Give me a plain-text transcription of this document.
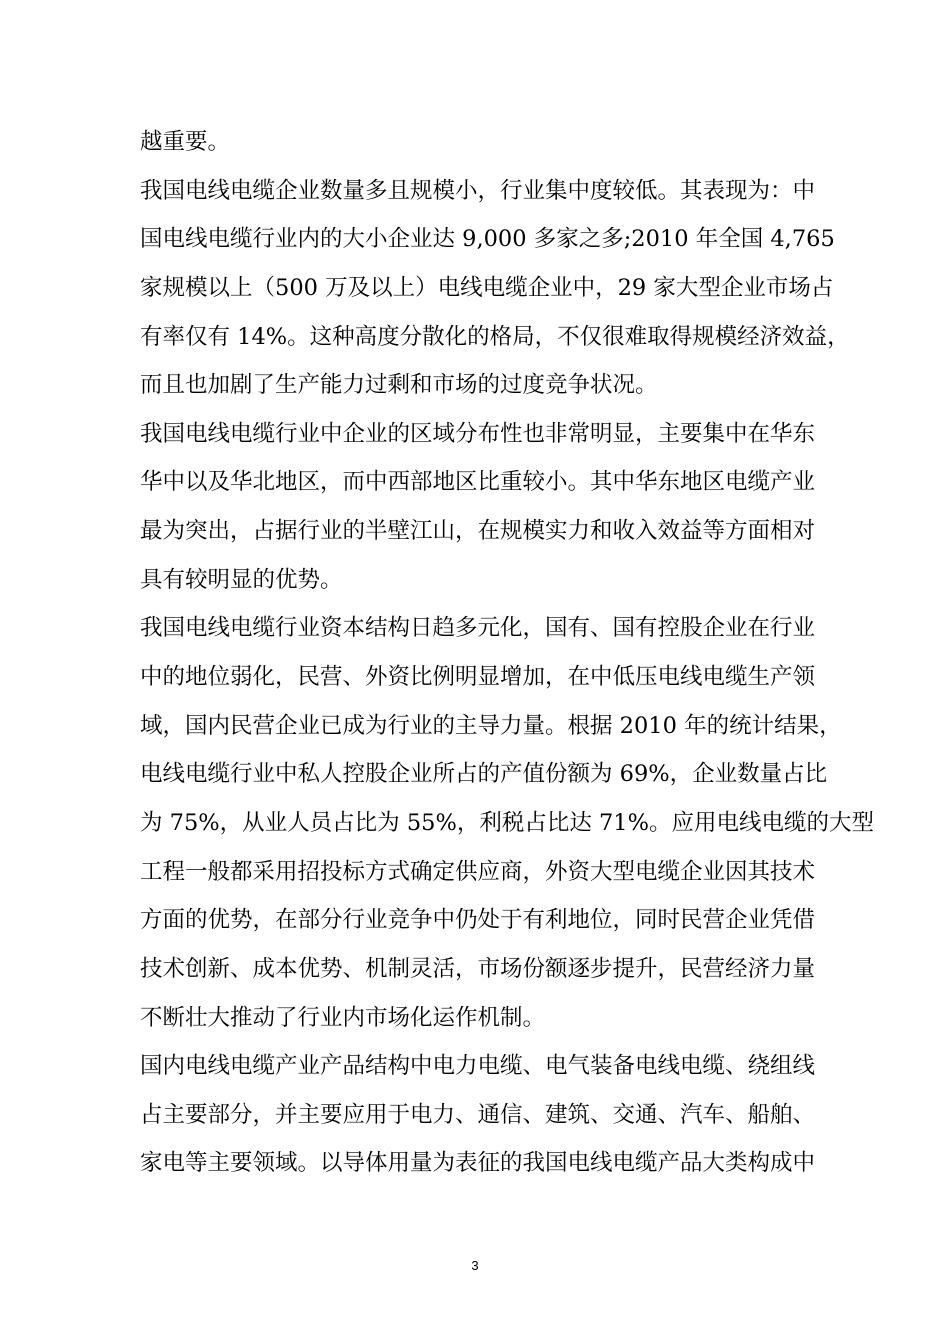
越重要。
我国电线电缆企业数量多且规模小，行业集中度较低。其表现为：中
国电线电缆行业内的大小企业达 9,000 多家之多;2010 年全国 4,765
家规模以上（500 万及以上）电线电缆企业中，29 家大型企业市场占
有率仅有 14%。这种高度分散化的格局，不仅很难取得规模经济效益，
而且也加剧了生产能力过剩和市场的过度竞争状况。
我国电线电缆行业中企业的区域分布性也非常明显，主要集中在华东
华中以及华北地区，而中西部地区比重较小。其中华东地区电缆产业
最为突出，占据行业的半壁江山，在规模实力和收入效益等方面相对
具有较明显的优势。
我国电线电缆行业资本结构日趋多元化，国有、国有控股企业在行业
中的地位弱化，民营、外资比例明显增加，在中低压电线电缆生产领
域，国内民营企业已成为行业的主导力量。根据 2010 年的统计结果，
电线电缆行业中私人控股企业所占的产值份额为 69%，企业数量占比
为 75%，从业人员占比为 55%，利税占比达 71%。应用电线电缆的大型
工程一般都采用招投标方式确定供应商，外资大型电缆企业因其技术
方面的优势，在部分行业竞争中仍处于有利地位，同时民营企业凭借
技术创新、成本优势、机制灵活，市场份额逐步提升，民营经济力量
不断壮大推动了行业内市场化运作机制。
国内电线电缆产业产品结构中电力电缆、电气装备电线电缆、绕组线
占主要部分，并主要应用于电力、通信、建筑、交通、汽车、船舶、
家电等主要领域。以导体用量为表征的我国电线电缆产品大类构成中
3
